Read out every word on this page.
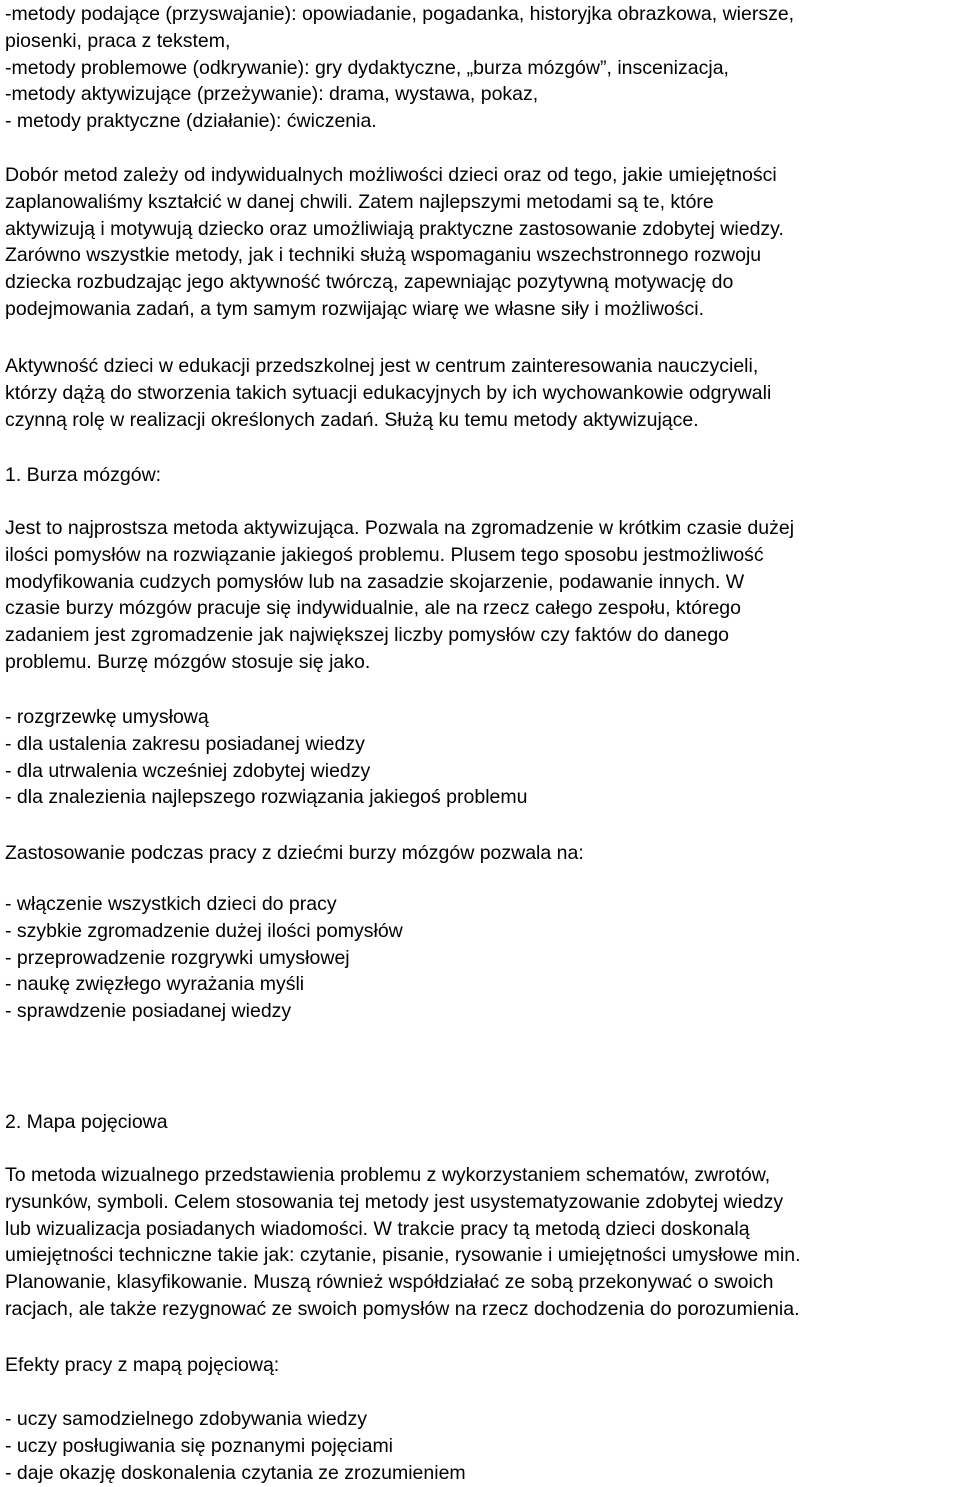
-metody podające (przyswajanie): opowiadanie, pogadanka, historyjka obrazkowa, wiersze,
piosenki, praca z tekstem,
-metody problemowe (odkrywanie): gry dydaktyczne, „burza mózgów”, inscenizacja,
-metody aktywizujące (przeżywanie): drama, wystawa, pokaz,
- metody praktyczne (działanie): ćwiczenia.
Dobór metod zależy od indywidualnych możliwości dzieci oraz od tego, jakie umiejętności
zaplanowaliśmy kształcić w danej chwili. Zatem najlepszymi metodami są te, które
aktywizują i motywują dziecko oraz umożliwiają praktyczne zastosowanie zdobytej wiedzy.
Zarówno wszystkie metody, jak i techniki służą wspomaganiu wszechstronnego rozwoju
dziecka rozbudzając jego aktywność twórczą, zapewniając pozytywną motywację do
podejmowania zadań, a tym samym rozwijając wiarę we własne siły i możliwości.
Aktywność dzieci w edukacji przedszkolnej jest w centrum zainteresowania nauczycieli,
którzy dążą do stworzenia takich sytuacji edukacyjnych by ich wychowankowie odgrywali
czynną rolę w realizacji określonych zadań. Służą ku temu metody aktywizujące.
1. Burza mózgów:
Jest to najprostsza metoda aktywizująca. Pozwala na zgromadzenie w krótkim czasie dużej
ilości pomysłów na rozwiązanie jakiegoś problemu. Plusem tego sposobu jestmożliwość
modyfikowania cudzych pomysłów lub na zasadzie skojarzenie, podawanie innych. W
czasie burzy mózgów pracuje się indywidualnie, ale na rzecz całego zespołu, którego
zadaniem jest zgromadzenie jak największej liczby pomysłów czy faktów do danego
problemu. Burzę mózgów stosuje się jako.
- rozgrzewkę umysłową
- dla ustalenia zakresu posiadanej wiedzy
- dla utrwalenia wcześniej zdobytej wiedzy
- dla znalezienia najlepszego rozwiązania jakiegoś problemu
Zastosowanie podczas pracy z dziećmi burzy mózgów pozwala na:
- włączenie wszystkich dzieci do pracy
- szybkie zgromadzenie dużej ilości pomysłów
- przeprowadzenie rozgrywki umysłowej
- naukę zwięzłego wyrażania myśli
- sprawdzenie posiadanej wiedzy
2. Mapa pojęciowa
To metoda wizualnego przedstawienia problemu z wykorzystaniem schematów, zwrotów,
rysunków, symboli. Celem stosowania tej metody jest usystematyzowanie zdobytej wiedzy
lub wizualizacja posiadanych wiadomości. W trakcie pracy tą metodą dzieci doskonalą
umiejętności techniczne takie jak: czytanie, pisanie, rysowanie i umiejętności umysłowe min.
Planowanie, klasyfikowanie. Muszą również współdziałać ze sobą przekonywać o swoich
racjach, ale także rezygnować ze swoich pomysłów na rzecz dochodzenia do porozumienia.
Efekty pracy z mapą pojęciową:
- uczy samodzielnego zdobywania wiedzy
- uczy posługiwania się poznanymi pojęciami
- daje okazję doskonalenia czytania ze zrozumieniem
